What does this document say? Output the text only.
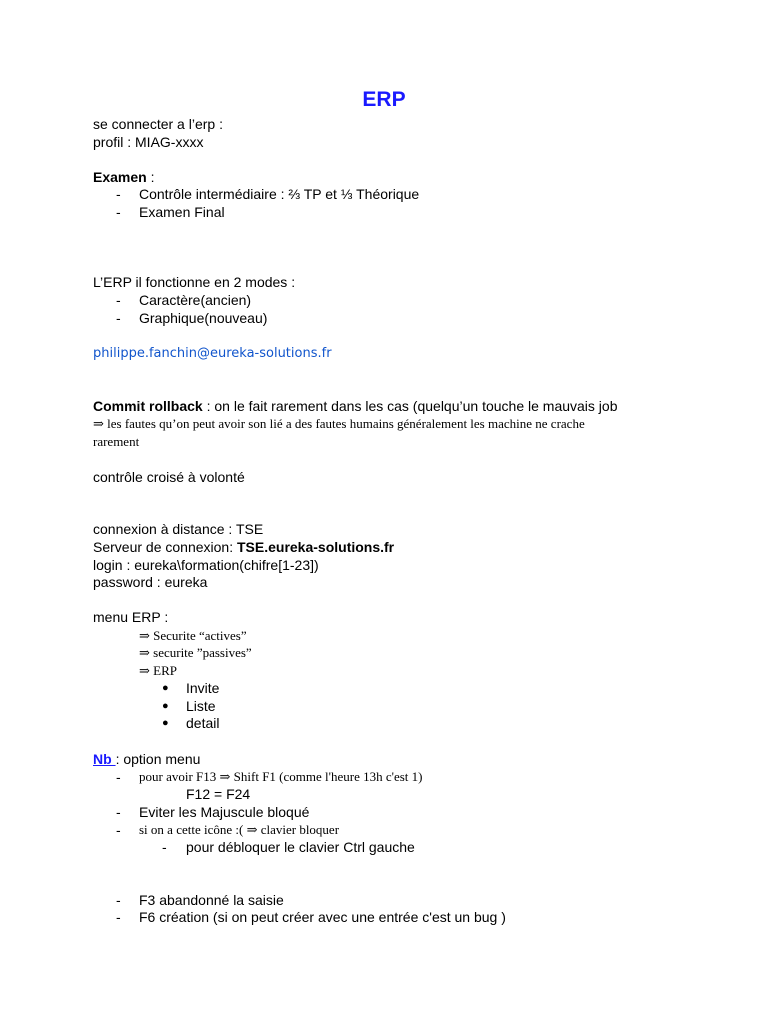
ERP
se connecter a l’erp :
profil : MIAG-xxxx
Examen :
- Contrôle intermédiaire : ⅔ TP et ⅓ Théorique
- Examen Final
L’ERP il fonctionne en 2 modes :
- Caractère(ancien)
- Graphique(nouveau)
philippe.fanchin@eureka-solutions.fr
Commit rollback : on le fait rarement dans les cas (quelqu’un touche le mauvais job
⇒ les fautes qu’on peut avoir son lié a des fautes humains généralement les machine ne crache
rarement
contrôle croisé à volonté
connexion à distance : TSE
Serveur de connexion: TSE.eureka-solutions.fr
login : eureka\formation(chifre[1-23])
password : eureka
menu ERP :
⇒ Securite “actives”
⇒ securite ”passives”
⇒ ERP
● Invite
● Liste
● detail
Nb : option menu
- pour avoir F13 ⇒ Shift F1 (comme l'heure 13h c'est 1)
F12 = F24
- Eviter les Majuscule bloqué
- si on a cette icône :( ⇒ clavier bloquer
- pour débloquer le clavier Ctrl gauche
- F3 abandonné la saisie
- F6 création (si on peut créer avec une entrée c'est un bug )
